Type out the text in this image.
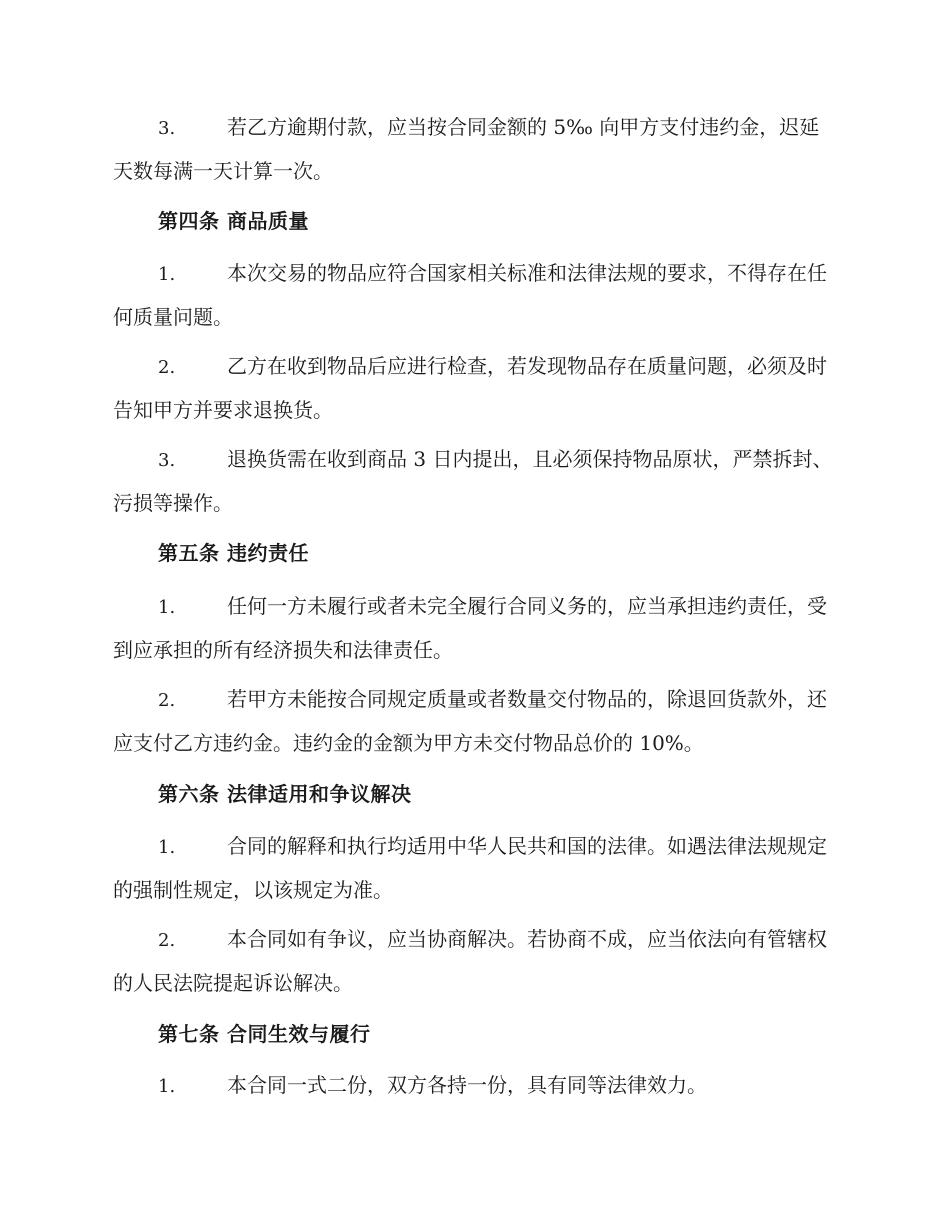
3.	若乙方逾期付款，应当按合同金额的 5‰ 向甲方支付违约金，迟延天数每满一天计算一次。

第四条 商品质量

1.	本次交易的物品应符合国家相关标准和法律法规的要求，不得存在任何质量问题。

2.	乙方在收到物品后应进行检查，若发现物品存在质量问题，必须及时告知甲方并要求退换货。

3.	退换货需在收到商品 3 日内提出，且必须保持物品原状，严禁拆封、污损等操作。

第五条 违约责任

1.	任何一方未履行或者未完全履行合同义务的，应当承担违约责任，受到应承担的所有经济损失和法律责任。

2.	若甲方未能按合同规定质量或者数量交付物品的，除退回货款外，还应支付乙方违约金。违约金的金额为甲方未交付物品总价的 10%。

第六条 法律适用和争议解决

1.	合同的解释和执行均适用中华人民共和国的法律。如遇法律法规规定的强制性规定，以该规定为准。

2.	本合同如有争议，应当协商解决。若协商不成，应当依法向有管辖权的人民法院提起诉讼解决。

第七条 合同生效与履行

1.	本合同一式二份，双方各持一份，具有同等法律效力。
